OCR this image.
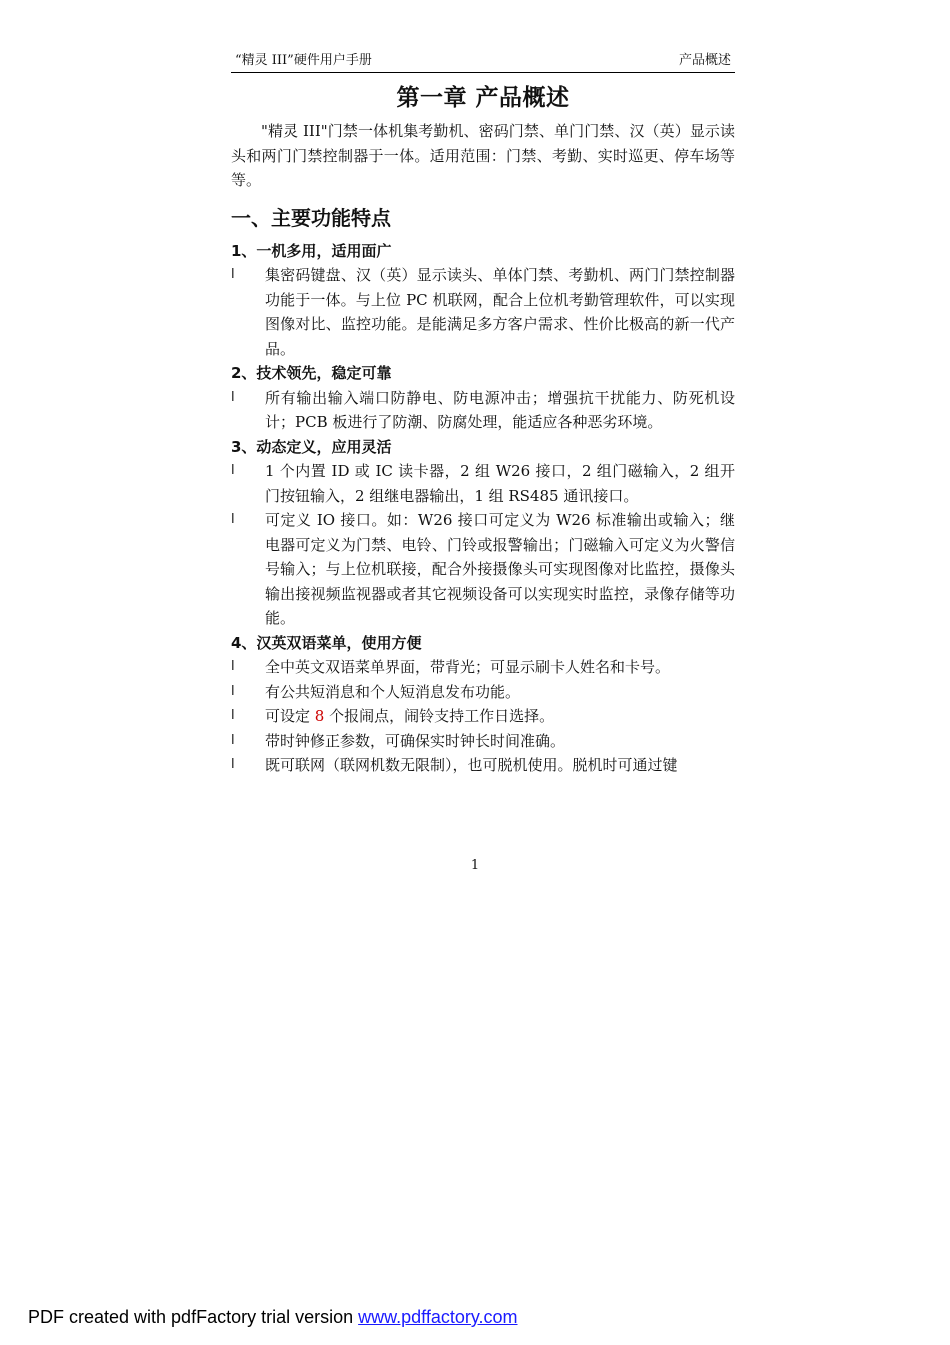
“精灵 III”硬件用户手册	产品概述
第一章 产品概述

"精灵 III"门禁一体机集考勤机、密码门禁、单门门禁、汉（英）显示读头和两门门禁控制器于一体。适用范围：门禁、考勤、实时巡更、停车场等等。

一、主要功能特点
1、一机多用，适用面广
l	集密码键盘、汉（英）显示读头、单体门禁、考勤机、两门门禁控制器功能于一体。与上位 PC 机联网，配合上位机考勤管理软件，可以实现图像对比、监控功能。是能满足多方客户需求、性价比极高的新一代产品。
2、技术领先，稳定可靠
l	所有输出输入端口防静电、防电源冲击；增强抗干扰能力、防死机设计；PCB 板进行了防潮、防腐处理，能适应各种恶劣环境。
3、动态定义，应用灵活
l	1 个内置 ID 或 IC 读卡器，2 组 W26 接口，2 组门磁输入，2 组开门按钮输入，2 组继电器输出，1 组 RS485 通讯接口。
l	可定义 IO 接口。如：W26 接口可定义为 W26 标准输出或输入；继电器可定义为门禁、电铃、门铃或报警输出；门磁输入可定义为火警信号输入；与上位机联接，配合外接摄像头可实现图像对比监控，摄像头输出接视频监视器或者其它视频设备可以实现实时监控，录像存储等功能。
4、汉英双语菜单，使用方便
l	全中英文双语菜单界面，带背光；可显示刷卡人姓名和卡号。
l	有公共短消息和个人短消息发布功能。
l	可设定 8 个报闹点，闹铃支持工作日选择。
l	带时钟修正参数，可确保实时钟长时间准确。
l	既可联网（联网机数无限制），也可脱机使用。脱机时可通过键
1
PDF created with pdfFactory trial version www.pdffactory.com
